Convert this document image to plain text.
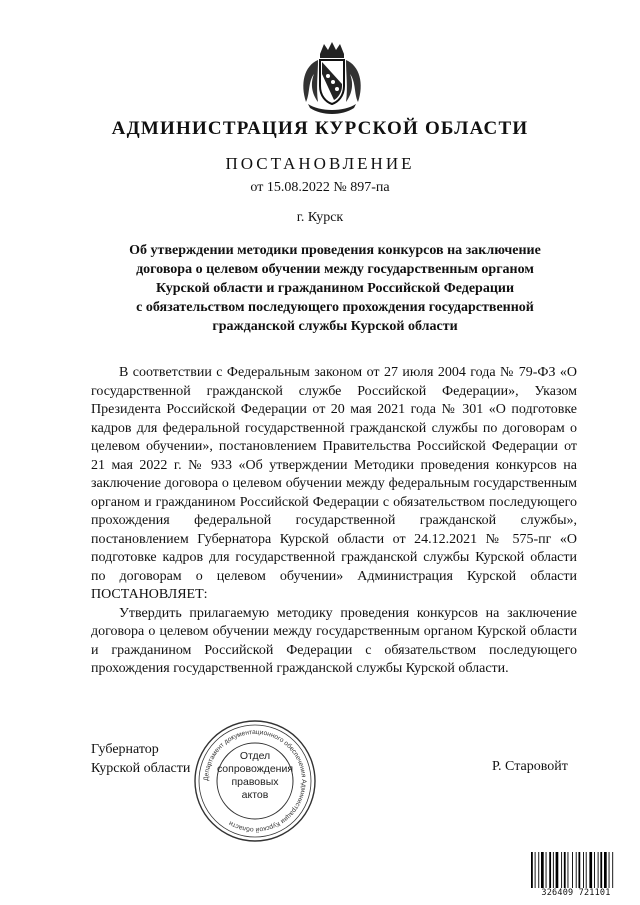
АДМИНИСТРАЦИЯ КУРСКОЙ ОБЛАСТИ
ПОСТАНОВЛЕНИЕ
от 15.08.2022 № 897-па
г. Курск
Об утверждении методики проведения конкурсов на заключение
договора о целевом обучении между государственным органом
Курской области и гражданином Российской Федерации
с обязательством последующего прохождения государственной
гражданской службы Курской области

В соответствии с Федеральным законом от 27 июля 2004 года № 79-ФЗ «О государственной гражданской службе Российской Федерации», Указом Президента Российской Федерации от 20 мая 2021 года № 301 «О подготовке кадров для федеральной государственной гражданской службы по договорам о целевом обучении», постановлением Правительства Российской Федерации от 21 мая 2022 г. № 933 «Об утверждении Методики проведения конкурсов на заключение договора о целевом обучении между федеральным государственным органом и гражданином Российской Федерации с обязательством последующего прохождения федеральной государственной гражданской службы», постановлением Губернатора Курской области от 24.12.2021 № 575-пг «О подготовке кадров для государственной гражданской службы Курской области по договорам о целевом обучении» Администрация Курской области ПОСТАНОВЛЯЕТ:

Утвердить прилагаемую методику проведения конкурсов на заключение договора о целевом обучении между государственным органом Курской области и гражданином Российской Федерации с обязательством последующего прохождения государственной гражданской службы Курской области.

Губернатор
Курской области
Департамент документационного обеспечения Администрации Курской области
Отдел
сопровождения
правовых
актов
Р. Старовойт
326409 721101
